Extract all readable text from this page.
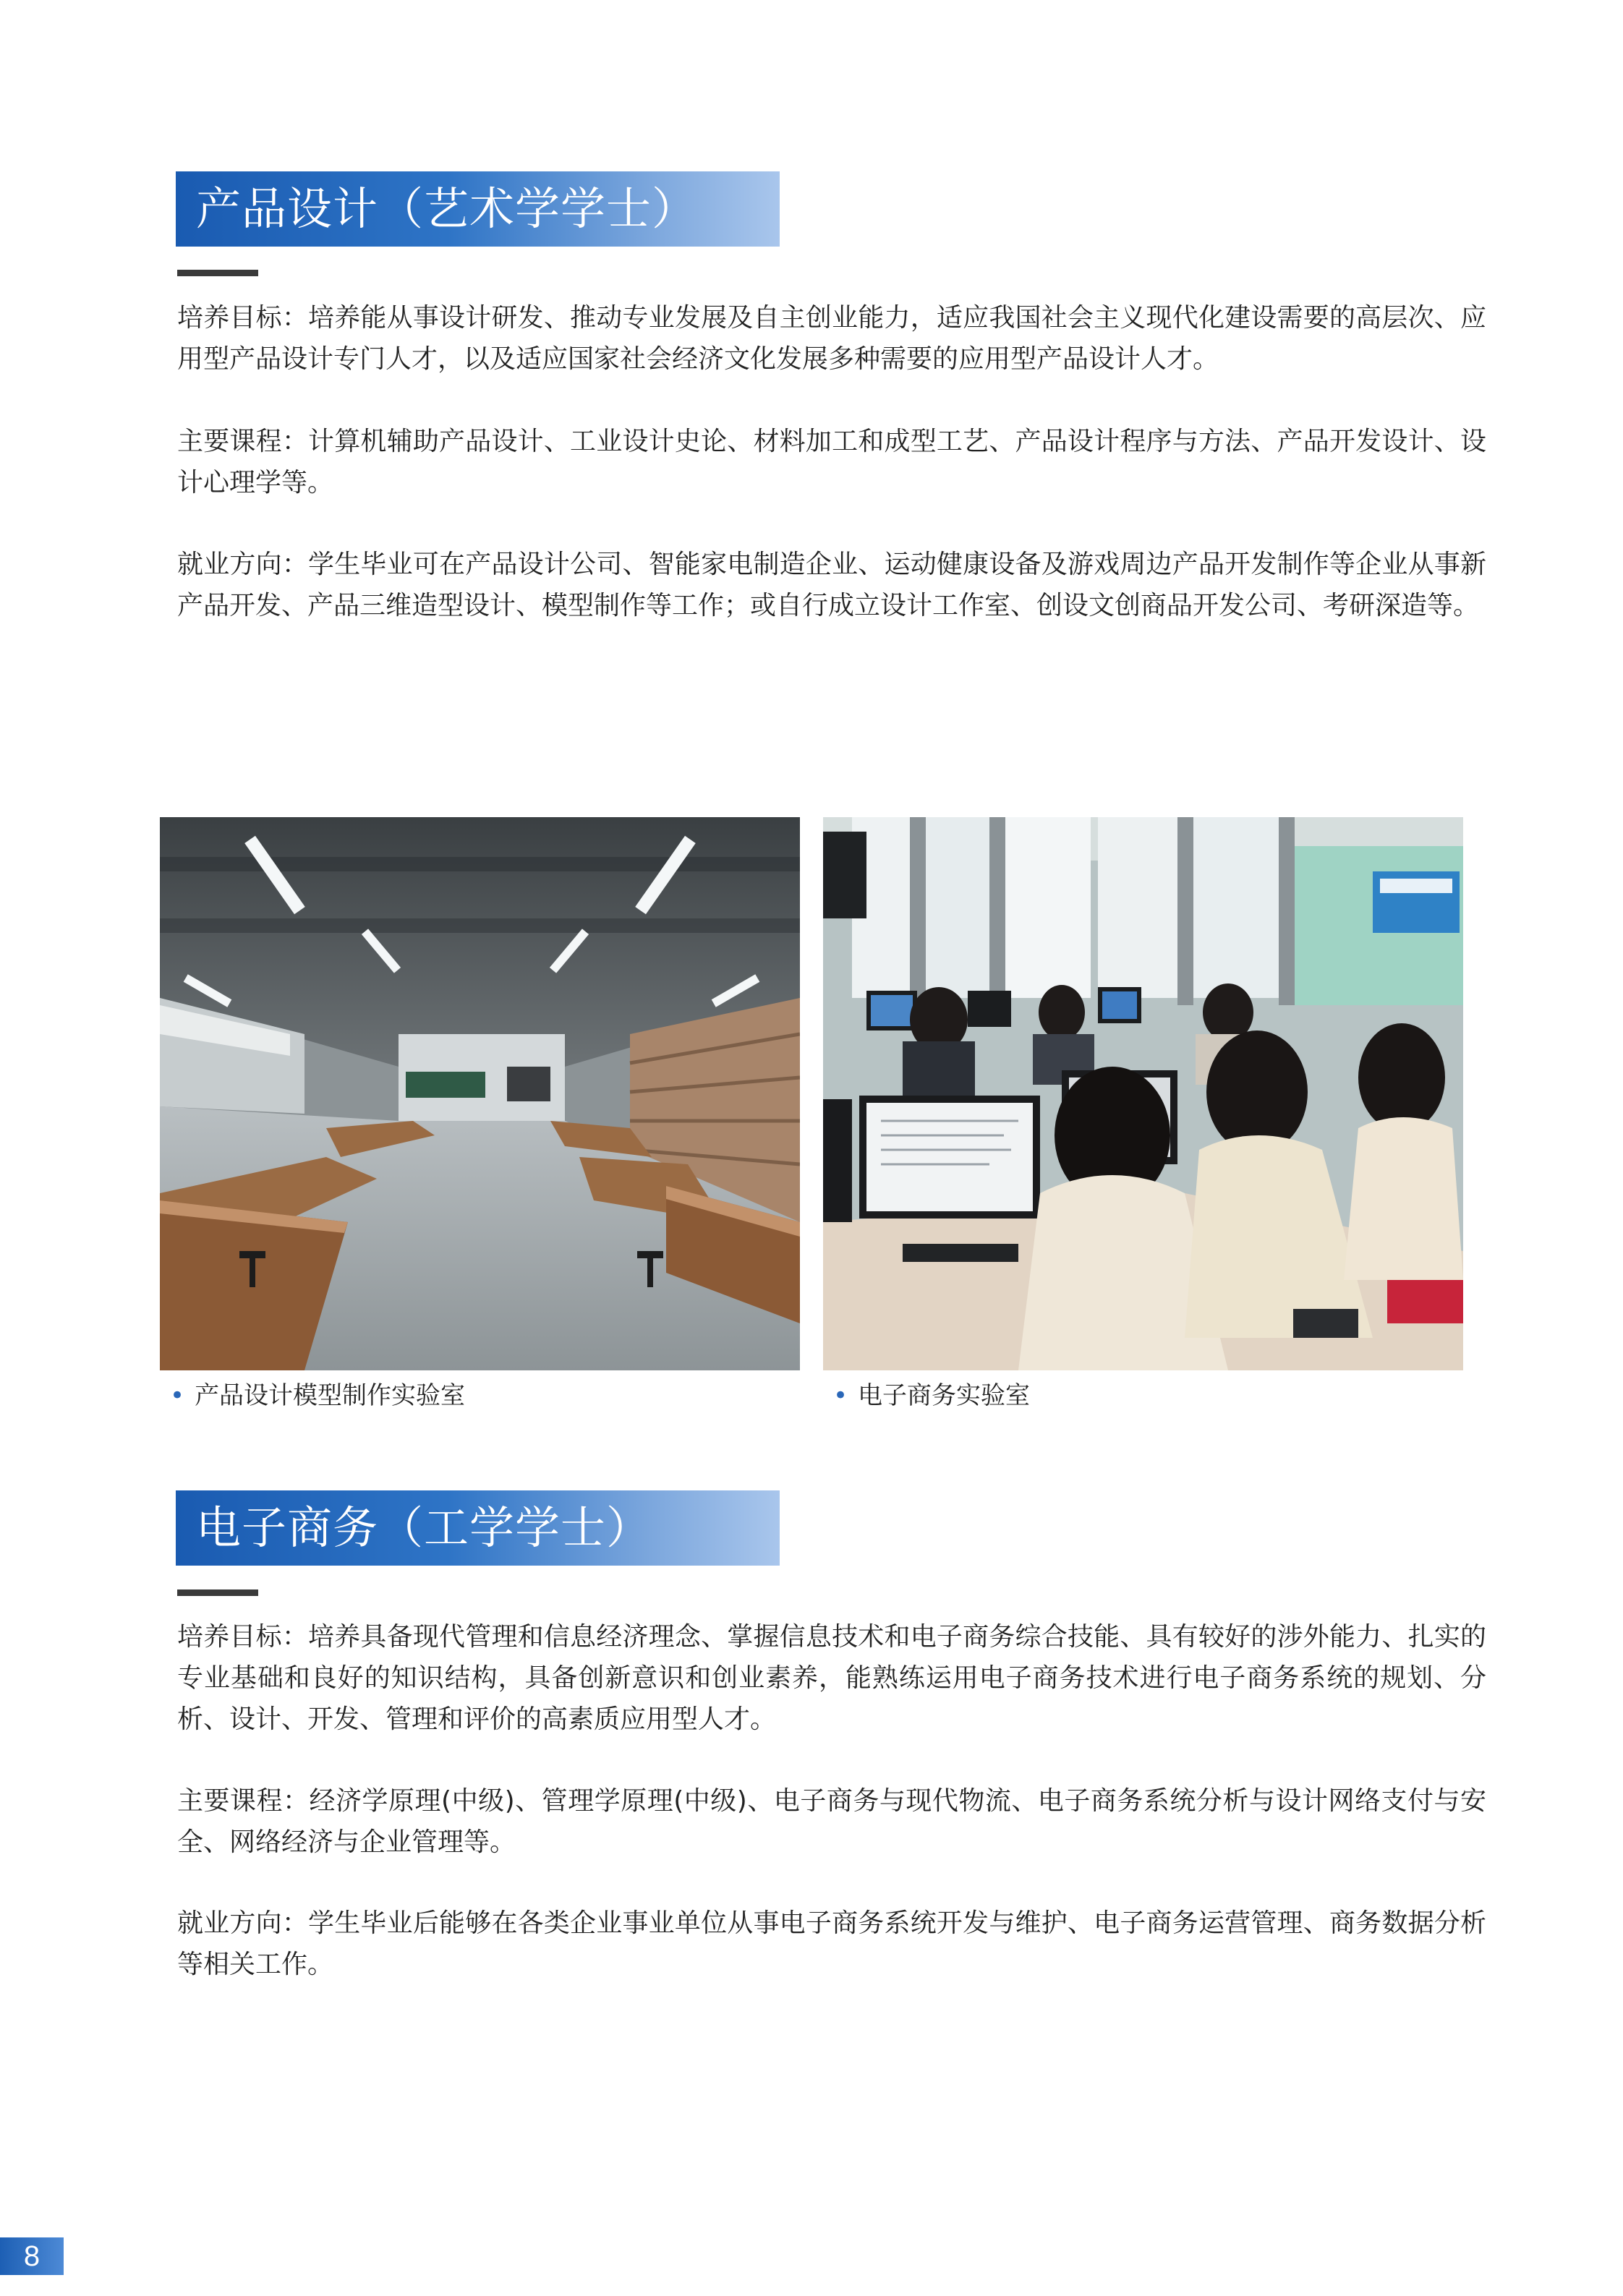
产品设计（艺术学学士）

培养目标：培养能从事设计研发、推动专业发展及自主创业能力，适应我国社会主义现代化建设需要的高层次、应用型产品设计专门人才，以及适应国家社会经济文化发展多种需要的应用型产品设计人才。

主要课程：计算机辅助产品设计、工业设计史论、材料加工和成型工艺、产品设计程序与方法、产品开发设计、设计心理学等。

就业方向：学生毕业可在产品设计公司、智能家电制造企业、运动健康设备及游戏周边产品开发制作等企业从事新产品开发、产品三维造型设计、模型制作等工作；或自行成立设计工作室、创设文创商品开发公司、考研深造等。

• 产品设计模型制作实验室	• 电子商务实验室
电子商务（工学学士）

培养目标：培养具备现代管理和信息经济理念、掌握信息技术和电子商务综合技能、具有较好的涉外能力、扎实的专业基础和良好的知识结构，具备创新意识和创业素养，能熟练运用电子商务技术进行电子商务系统的规划、分析、设计、开发、管理和评价的高素质应用型人才。

主要课程：经济学原理(中级)、管理学原理(中级)、电子商务与现代物流、电子商务系统分析与设计网络支付与安全、网络经济与企业管理等。

就业方向：学生毕业后能够在各类企业事业单位从事电子商务系统开发与维护、电子商务运营管理、商务数据分析等相关工作。

8
